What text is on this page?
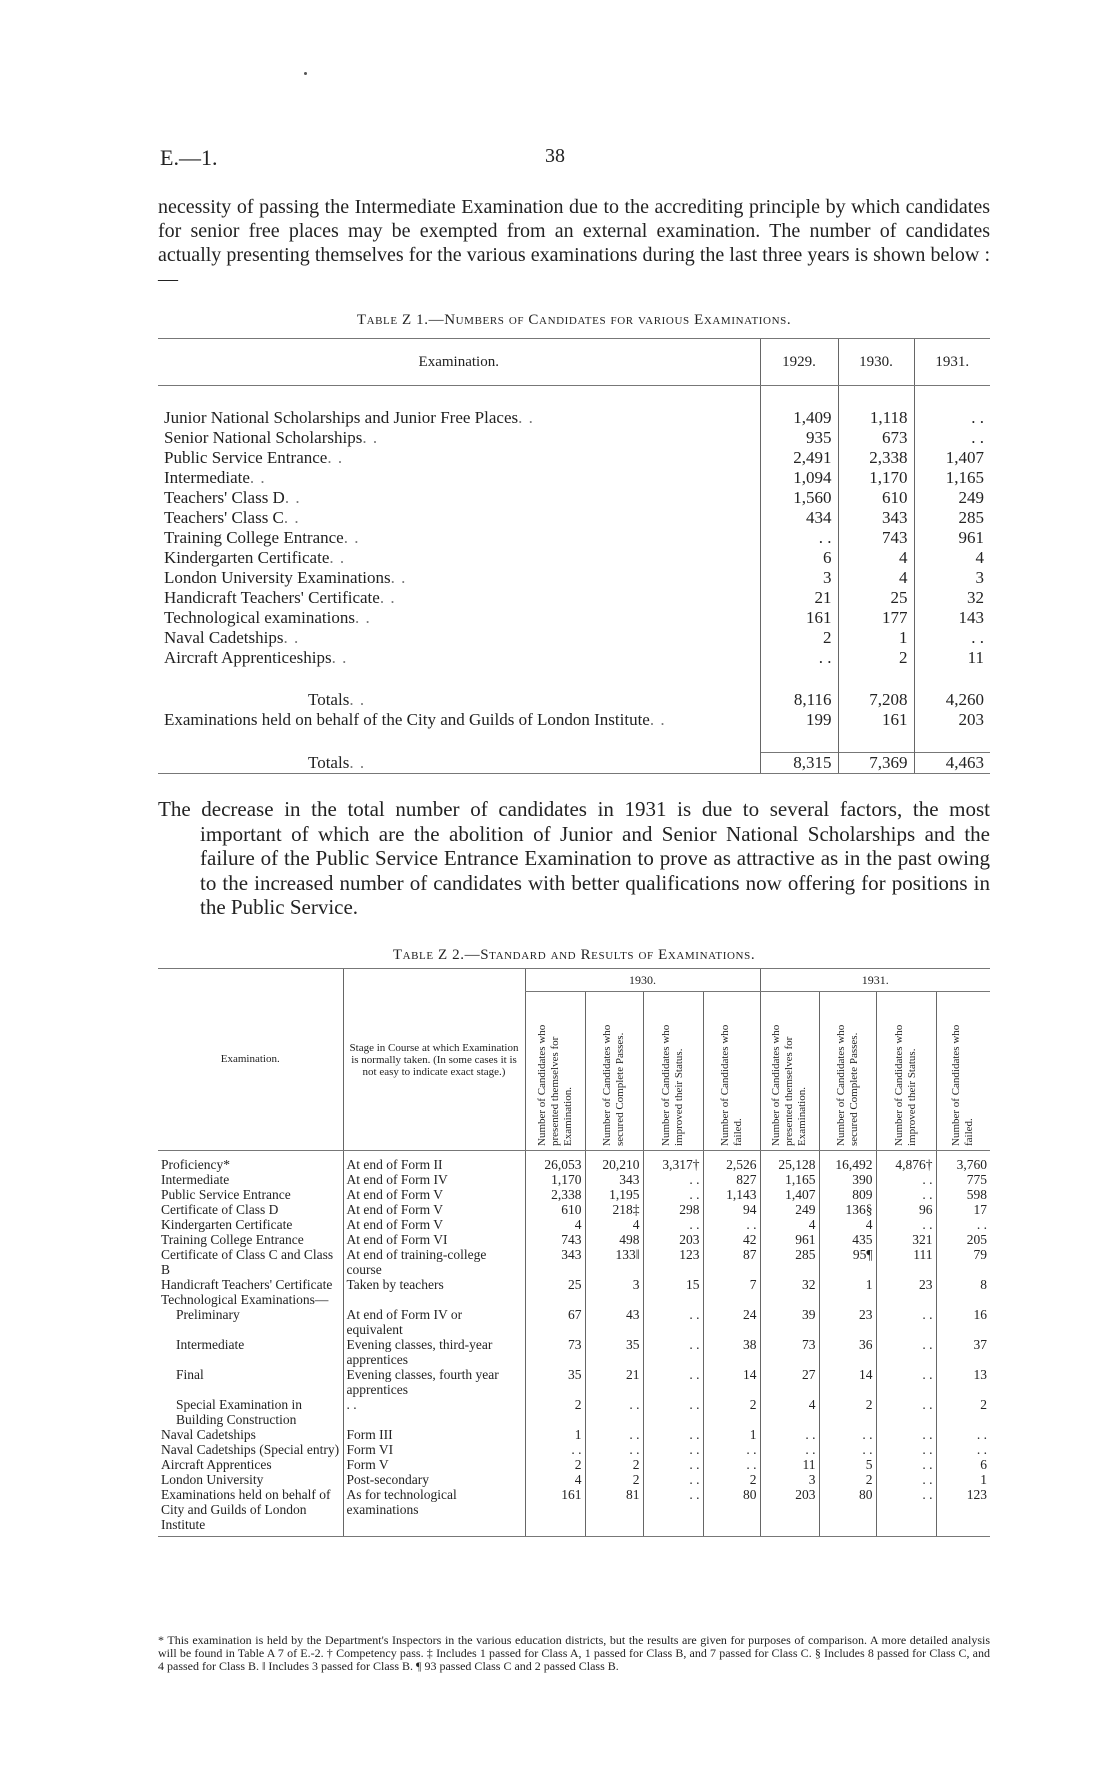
E.—1.	38
necessity of passing the Intermediate Examination due to the accrediting principle by which candidates for senior free places may be exempted from an external examination. The number of candidates actually presenting themselves for the various examinations during the last three years is shown below :—
Table Z 1.—Numbers of Candidates for various Examinations.
Examination.	1929.	1930.	1931.

Junior National Scholarships and Junior Free Places. .	1,409	1,118	. .
Senior National Scholarships. .	935	673	. .
Public Service Entrance. .	2,491	2,338	1,407
Intermediate. .	1,094	1,170	1,165
Teachers' Class D. .	1,560	610	249
Teachers' Class C. .	434	343	285
Training College Entrance. .	. .	743	961
Kindergarten Certificate. .	6	4	4
London University Examinations. .	3	4	3
Handicraft Teachers' Certificate. .	21	25	32
Technological examinations. .	161	177	143
Naval Cadetships. .	2	1	. .
Aircraft Apprenticeships. .	. .	2	11

Totals. .	8,116	7,208	4,260
Examinations held on behalf of the City and Guilds of London Institute. .	199	161	203

Totals. .	8,315	7,369	4,463
The decrease in the total number of candidates in 1931 is due to several factors, the most important of which are the abolition of Junior and Senior National Scholarships and the failure of the Public Service Entrance Examination to prove as attractive as in the past owing to the increased number of candidates with better qualifications now offering for positions in the Public Service.
Table Z 2.—Standard and Results of Examinations.
Examination.	Stage in Course at which Examination is normally taken. (In some cases it is not easy to indicate exact stage.)	1930.				1931.			

		Number of Candidates who presented themselves for Examination.	Number of Candidates who secured Complete Passes.	Number of Candidates who improved their Status.	Number of Candidates who failed.	Number of Candidates who presented themselves for Examination.	Number of Candidates who secured Complete Passes.	Number of Candidates who improved their Status.	Number of Candidates who failed.

Proficiency*	At end of Form II	26,053	20,210	3,317†	2,526	25,128	16,492	4,876†	3,760
Intermediate	At end of Form IV	1,170	343	. .	827	1,165	390	. .	775
Public Service Entrance	At end of Form V	2,338	1,195	. .	1,143	1,407	809	. .	598
Certificate of Class D	At end of Form V	610	218‡	298	94	249	136§	96	17
Kindergarten Certificate	At end of Form V	4	4	. .	. .	4	4	. .	. .
Training College Entrance	At end of Form VI	743	498	203	42	961	435	321	205
Certificate of Class C and Class B	At end of training-college course	343	133‖	123	87	285	95¶	111	79
Handicraft Teachers' Certificate	Taken by teachers	25	3	15	7	32	1	23	8
Technological Examinations—									
Preliminary	At end of Form IV or equivalent	67	43	. .	24	39	23	. .	16
Intermediate	Evening classes, third-year apprentices	73	35	. .	38	73	36	. .	37
Final	Evening classes, fourth year apprentices	35	21	. .	14	27	14	. .	13
Special Examination in Building Construction	. .	2	. .	. .	2	4	2	. .	2
Naval Cadetships	Form III	1	. .	. .	1	. .	. .	. .	. .
Naval Cadetships (Special entry)	Form VI	. .	. .	. .	. .	. .	. .	. .	. .
Aircraft Apprentices	Form V	2	2	. .	. .	11	5	. .	6
London University	Post-secondary	4	2	. .	2	3	2	. .	1
Examinations held on behalf of City and Guilds of London Institute	As for technological examinations	161	81	. .	80	203	80	. .	123
* This examination is held by the Department's Inspectors in the various education districts, but the results are given for purposes of comparison. A more detailed analysis will be found in Table A 7 of E.-2. † Competency pass. ‡ Includes 1 passed for Class A, 1 passed for Class B, and 7 passed for Class C. § Includes 8 passed for Class C, and 4 passed for Class B. ‖ Includes 3 passed for Class B. ¶ 93 passed Class C and 2 passed Class B.
